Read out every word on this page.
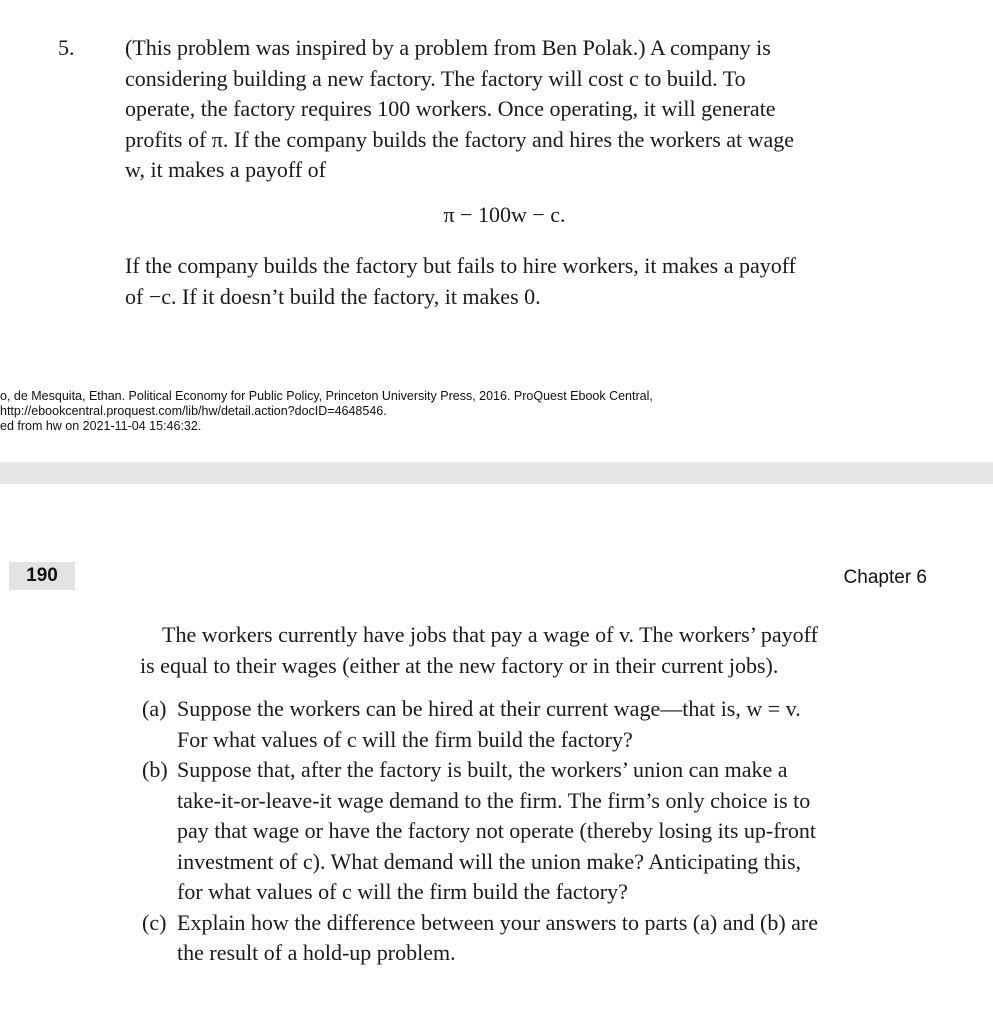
5. (This problem was inspired by a problem from Ben Polak.) A company is
considering building a new factory. The factory will cost c to build. To
operate, the factory requires 100 workers. Once operating, it will generate
profits of π. If the company builds the factory and hires the workers at wage
w, it makes a payoff of
π − 100w − c.
If the company builds the factory but fails to hire workers, it makes a payoff
of −c. If it doesn’t build the factory, it makes 0.
o, de Mesquita, Ethan. Political Economy for Public Policy, Princeton University Press, 2016. ProQuest Ebook Central,
http://ebookcentral.proquest.com/lib/hw/detail.action?docID=4648546.
ed from hw on 2021-11-04 15:46:32.
190	Chapter 6
The workers currently have jobs that pay a wage of v. The workers’ payoff
is equal to their wages (either at the new factory or in their current jobs).
(a) Suppose the workers can be hired at their current wage—that is, w = v.
For what values of c will the firm build the factory?
(b) Suppose that, after the factory is built, the workers’ union can make a
take-it-or-leave-it wage demand to the firm. The firm’s only choice is to
pay that wage or have the factory not operate (thereby losing its up-front
investment of c). What demand will the union make? Anticipating this,
for what values of c will the firm build the factory?
(c) Explain how the difference between your answers to parts (a) and (b) are
the result of a hold-up problem.
